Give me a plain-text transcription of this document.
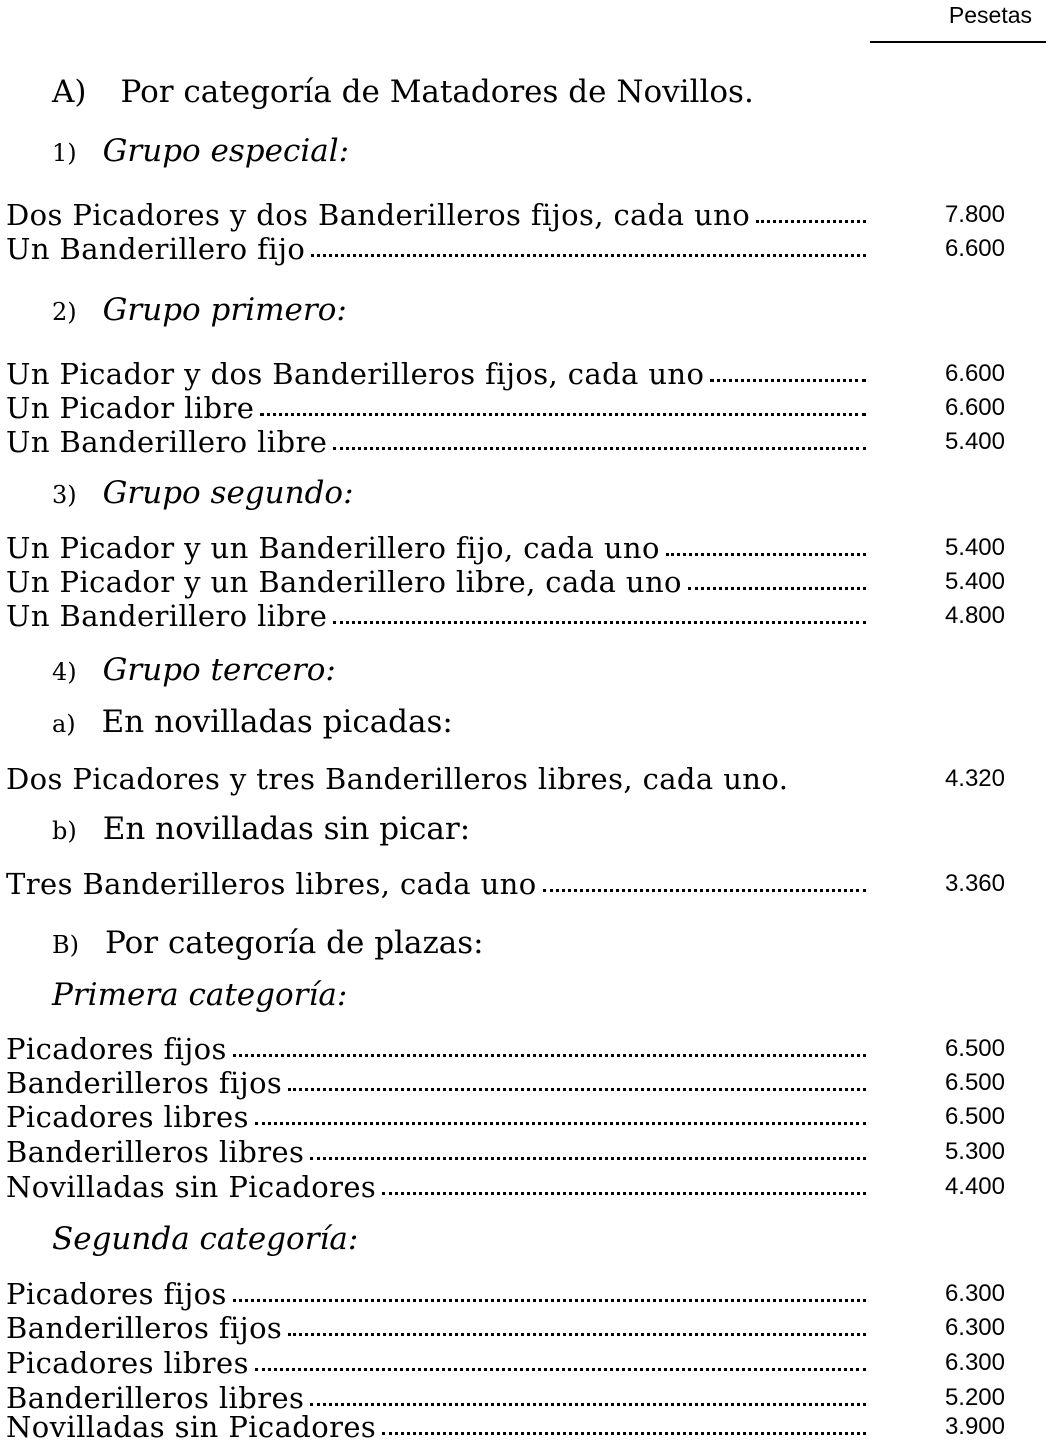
Pesetas
A) Por categoría de Matadores de Novillos.
1) Grupo especial:
Dos Picadores y dos Banderilleros fijos, cada uno	7.800
Un Banderillero fijo	6.600
2) Grupo primero:
Un Picador y dos Banderilleros fijos, cada uno	6.600
Un Picador libre	6.600
Un Banderillero libre	5.400
3) Grupo segundo:
Un Picador y un Banderillero fijo, cada uno	5.400
Un Picador y un Banderillero libre, cada uno	5.400
Un Banderillero libre	4.800
4) Grupo tercero:
a) En novilladas picadas:
Dos Picadores y tres Banderilleros libres, cada uno.	4.320
b) En novilladas sin picar:
Tres Banderilleros libres, cada uno	3.360
B) Por categoría de plazas:
Primera categoría:
Picadores fijos	6.500
Banderilleros fijos	6.500
Picadores libres	6.500
Banderilleros libres	5.300
Novilladas sin Picadores	4.400
Segunda categoría:
Picadores fijos	6.300
Banderilleros fijos	6.300
Picadores libres	6.300
Banderilleros libres	5.200
Novilladas sin Picadores	3.900
